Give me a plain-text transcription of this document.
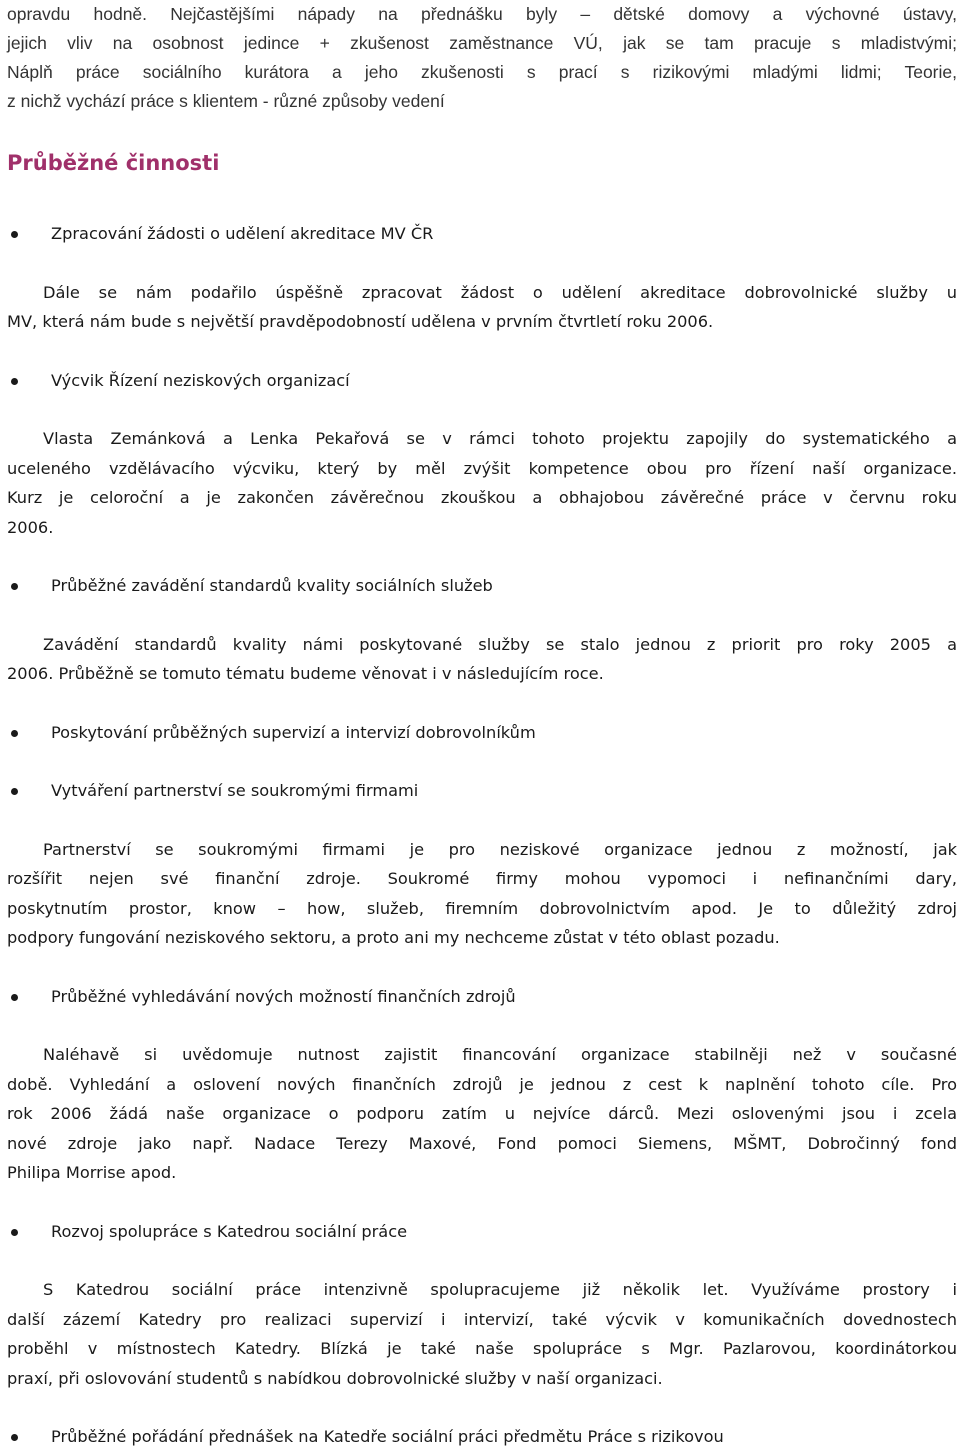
opravdu hodně. Nejčastějšími nápady na přednášku byly – dětské domovy a výchovné ústavy,
jejich vliv na osobnost jedince + zkušenost zaměstnance VÚ, jak se tam pracuje s mladistvými;
Náplň práce sociálního kurátora a jeho zkušenosti s prací s rizikovými mladými lidmi; Teorie,
z nichž vychází práce s klientem - různé způsoby vedení
Průběžné činnosti

Zpracování žádosti o udělení akreditace MV ČR

Dále se nám podařilo úspěšně zpracovat žádost o udělení akreditace dobrovolnické služby u
MV, která nám bude s největší pravděpodobností udělena v prvním čtvrtletí roku 2006.

Výcvik Řízení neziskových organizací

Vlasta Zemánková a Lenka Pekařová se v rámci tohoto projektu zapojily do systematického a
uceleného vzdělávacího výcviku, který by měl zvýšit kompetence obou pro řízení naší organizace.
Kurz je celoroční a je zakončen závěrečnou zkouškou a obhajobou závěrečné práce v červnu roku
2006.

Průběžné zavádění standardů kvality sociálních služeb

Zavádění standardů kvality námi poskytované služby se stalo jednou z priorit pro roky 2005 a
2006. Průběžně se tomuto tématu budeme věnovat i v následujícím roce.

Poskytování průběžných supervizí a intervizí dobrovolníkům

Vytváření partnerství se soukromými firmami

Partnerství se soukromými firmami je pro neziskové organizace jednou z možností, jak
rozšířit nejen své finanční zdroje. Soukromé firmy mohou vypomoci i nefinančními dary,
poskytnutím prostor, know – how, služeb, firemním dobrovolnictvím apod. Je to důležitý zdroj
podpory fungování neziskového sektoru, a proto ani my nechceme zůstat v této oblast pozadu.

Průběžné vyhledávání nových možností finančních zdrojů

Naléhavě si uvědomuje nutnost zajistit financování organizace stabilněji než v současné
době. Vyhledání a oslovení nových finančních zdrojů je jednou z cest k naplnění tohoto cíle. Pro
rok 2006 žádá naše organizace o podporu zatím u nejvíce dárců. Mezi oslovenými jsou i zcela
nové zdroje jako např. Nadace Terezy Maxové, Fond pomoci Siemens, MŠMT, Dobročinný fond
Philipa Morrise apod.

Rozvoj spolupráce s Katedrou sociální práce

S Katedrou sociální práce intenzivně spolupracujeme již několik let. Využíváme prostory i
další zázemí Katedry pro realizaci supervizí i intervizí, také výcvik v komunikačních dovednostech
proběhl v místnostech Katedry. Blízká je také naše spolupráce s Mgr. Pazlarovou, koordinátorkou
praxí, při oslovování studentů s nabídkou dobrovolnické služby v naší organizaci.

Průběžné pořádání přednášek na Katedře sociální práci předmětu Práce s rizikovou
